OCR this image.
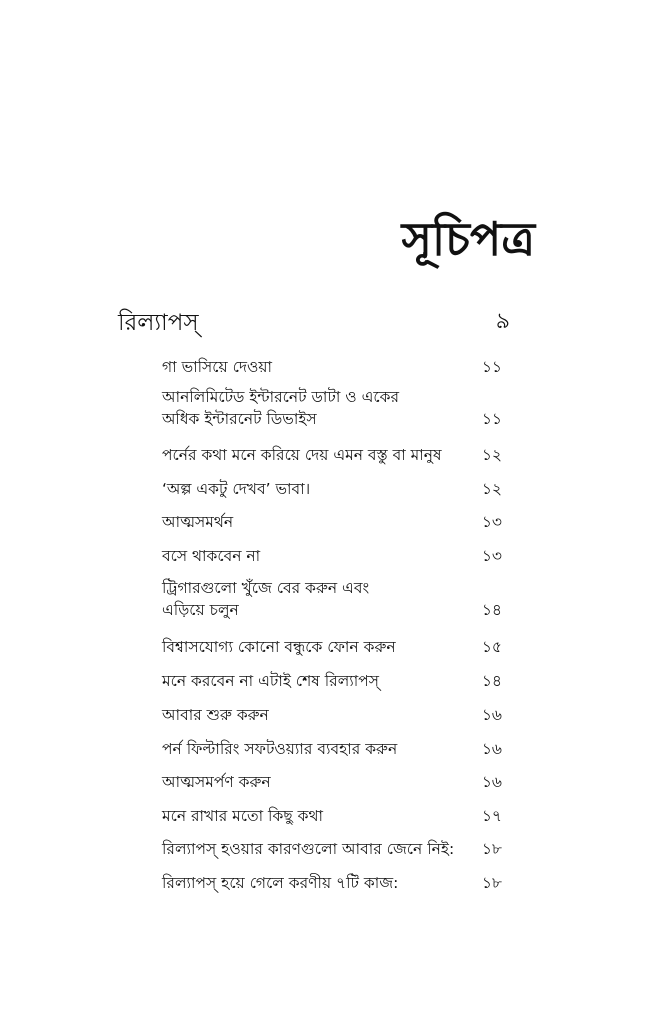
সূচিপত্র
রিল্যাপস্	৯
গা ভাসিয়ে দেওয়া	১১
আনলিমিটেড ইন্টারনেট ডাটা ও একের অধিক ইন্টারনেট ডিভাইস	১১
পর্নের কথা মনে করিয়ে দেয় এমন বস্তু বা মানুষ	১২
‘অল্প একটু দেখব’ ভাবা।	১২
আত্মসমর্থন	১৩
বসে থাকবেন না	১৩
ট্রিগারগুলো খুঁজে বের করুন এবং এড়িয়ে চলুন	১৪
বিশ্বাসযোগ্য কোনো বন্ধুকে ফোন করুন	১৫
মনে করবেন না এটাই শেষ রিল্যাপস্	১৪
আবার শুরু করুন	১৬
পর্ন ফিল্টারিং সফটওয়্যার ব্যবহার করুন	১৬
আত্মসমর্পণ করুন	১৬
মনে রাখার মতো কিছু কথা	১৭
রিল্যাপস্ হওয়ার কারণগুলো আবার জেনে নিই:	১৮
রিল্যাপস্ হয়ে গেলে করণীয় ৭টি কাজ:	১৮
